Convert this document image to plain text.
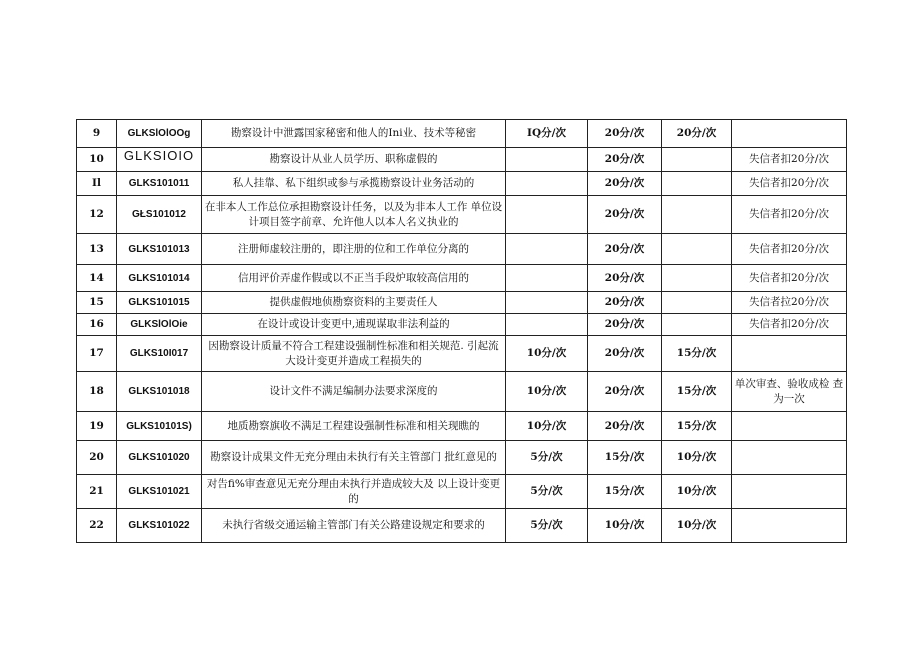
9	GLKSlOlOOg	勘察设计中泄露国家秘密和他人的Ini业、技术等秘密	IQ分/次	20分/次	20分/次	
10	GLKSIOIO	勘察设计从业人员学历、职称虚假的		20分/次		失信者扣20分/次
Il	GLKS101011	私人挂靠、私下组织或参与承揽勘察设计业务活动的		20分/次		失信者扣20分/次
12	GŁS101012	在非本人工作总位承担勘察设计任务，以及为非本人工作 单位设计项目签字前章、允许他人以本人名义执业的		20分/次		失信者扣20分/次
13	GLKS101013	注册师虚较注册的，即注册的位和工作单位分离的		20分/次		失信者扣20分/次
14	GLKS101014	信用评价弄虚作假或以不正当手段炉取较高信用的		20分/次		失信者扣20分/次
15	GLKS101015	提供虚假地侦勘察资料的主要责任人		20分/次		失信者拉20分/次
16	GLKSlOlOie	在设计或设计变更中,逋现谋取非法利益的		20分/次		失信者扣20分/次
17	GLKS10I017	因勘察设计质量不符合工程建设强制性标准和相关规范. 引起流大设计变更并造成工程损失的	10分/次	20分/次	15分/次	
18	GLKS101018	设计文件不满足编制办法要求深度的	10分/次	20分/次	15分/次	单次审查、验收成检 查为一次
19	GLKS10101S)	地质勘察旗收不满足工程建设强制性标准和相关现瞧的	10分/次	20分/次	15分/次	
20	GLKS101020	勘察设计成果文件无充分理由未执行有关主管部门 批红意见的	5分/次	15分/次	10分/次	
21	GLKS101021	对告fi%审查意见无充分理由未执行并造成较大及 以上设计变更的	5分/次	15分/次	10分/次	
22	GLKS101022	未执行省级交通运输主管部门有关公路建设规定和要求的	5分/次	10分/次	10分/次	
